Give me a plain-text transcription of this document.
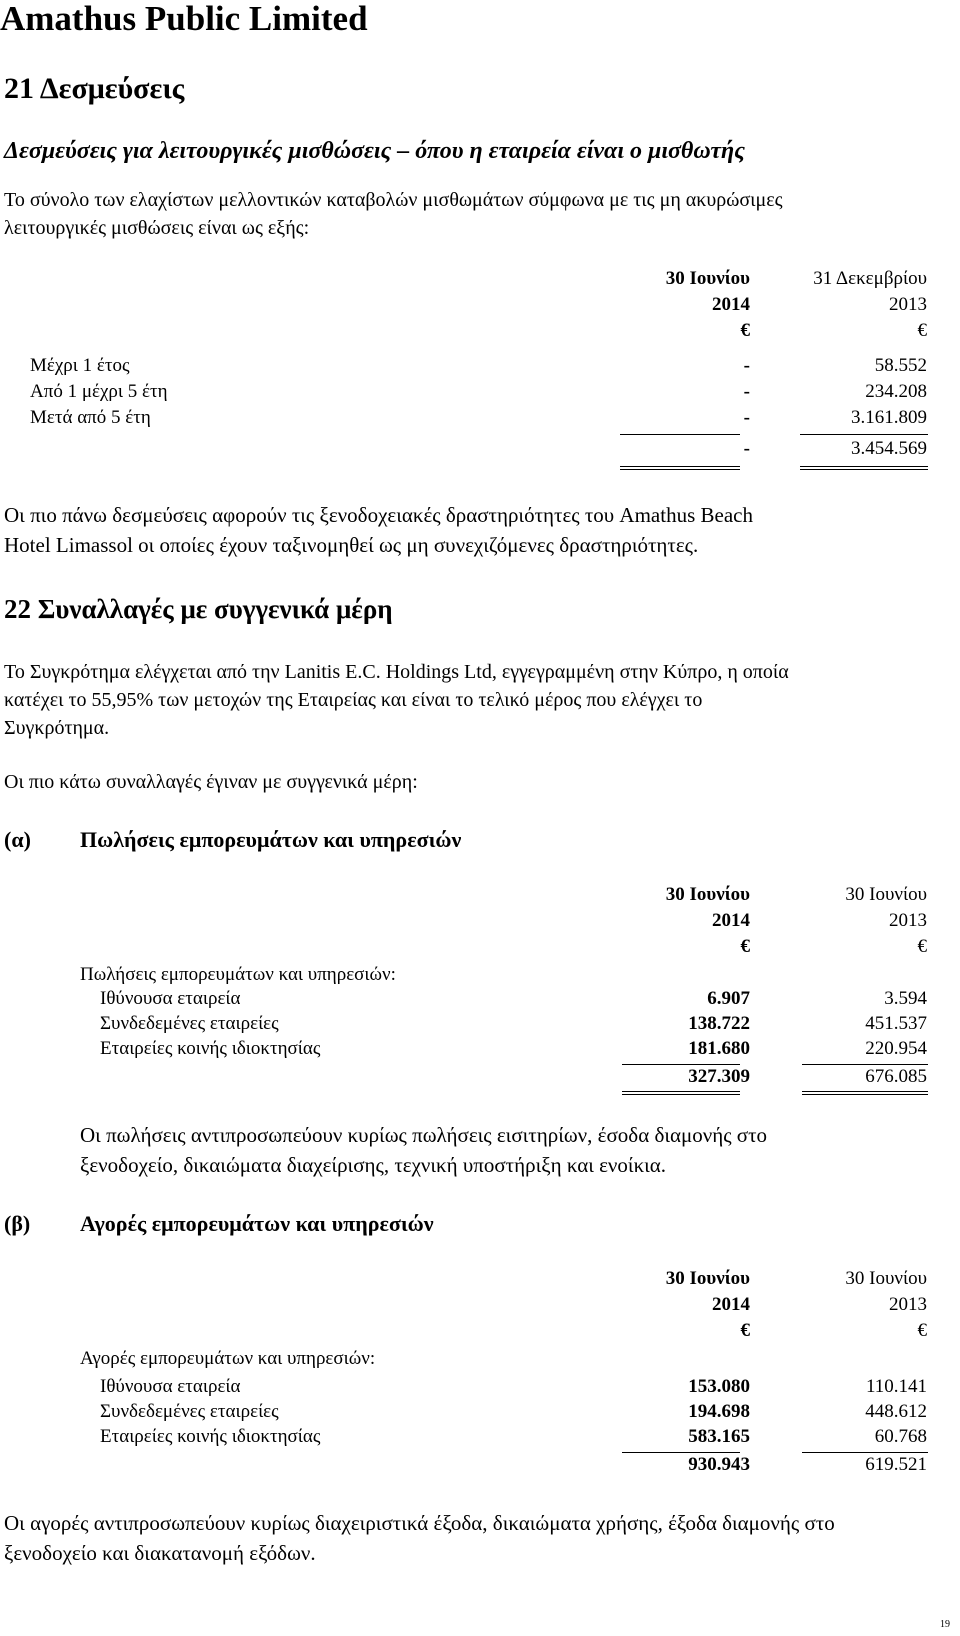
Amathus Public Limited
21 Δεσμεύσεις
Δεσμεύσεις για λειτουργικές μισθώσεις – όπου η εταιρεία είναι ο μισθωτής
Το σύνολο των ελαχίστων μελλοντικών καταβολών μισθωμάτων σύμφωνα με τις μη ακυρώσιμες
λειτουργικές μισθώσεις είναι ως εξής:
30 Ιουνίου	31 Δεκεμβρίου
2014	2013
€	€
Μέχρι 1 έτος	-	58.552
Από 1 μέχρι 5 έτη	-	234.208
Μετά από 5 έτη	-	3.161.809
-	3.454.569
Οι πιο πάνω δεσμεύσεις αφορούν τις ξενοδοχειακές δραστηριότητες του Amathus Beach
Hotel Limassol οι οποίες έχουν ταξινομηθεί ως μη συνεχιζόμενες δραστηριότητες.
22 Συναλλαγές με συγγενικά μέρη
Το Συγκρότημα ελέγχεται από την Lanitis E.C. Holdings Ltd, εγγεγραμμένη στην Κύπρο, η οποία
κατέχει το 55,95% των μετοχών της Εταιρείας και είναι το τελικό μέρος που ελέγχει το
Συγκρότημα.
Οι πιο κάτω συναλλαγές έγιναν με συγγενικά μέρη:
(α) Πωλήσεις εμπορευμάτων και υπηρεσιών
30 Ιουνίου	30 Ιουνίου
2014	2013
€	€
Πωλήσεις εμπορευμάτων και υπηρεσιών:
Ιθύνουσα εταιρεία	6.907	3.594
Συνδεδεμένες εταιρείες	138.722	451.537
Εταιρείες κοινής ιδιοκτησίας	181.680	220.954
327.309	676.085
Οι πωλήσεις αντιπροσωπεύουν κυρίως πωλήσεις εισιτηρίων, έσοδα διαμονής στο
ξενοδοχείο, δικαιώματα διαχείρισης, τεχνική υποστήριξη και ενοίκια.
(β) Αγορές εμπορευμάτων και υπηρεσιών
30 Ιουνίου	30 Ιουνίου
2014	2013
€	€
Αγορές εμπορευμάτων και υπηρεσιών:
Ιθύνουσα εταιρεία	153.080	110.141
Συνδεδεμένες εταιρείες	194.698	448.612
Εταιρείες κοινής ιδιοκτησίας	583.165	60.768
930.943	619.521
Οι αγορές αντιπροσωπεύουν κυρίως διαχειριστικά έξοδα, δικαιώματα χρήσης, έξοδα διαμονής στο
ξενοδοχείο και διακατανομή εξόδων.
19
